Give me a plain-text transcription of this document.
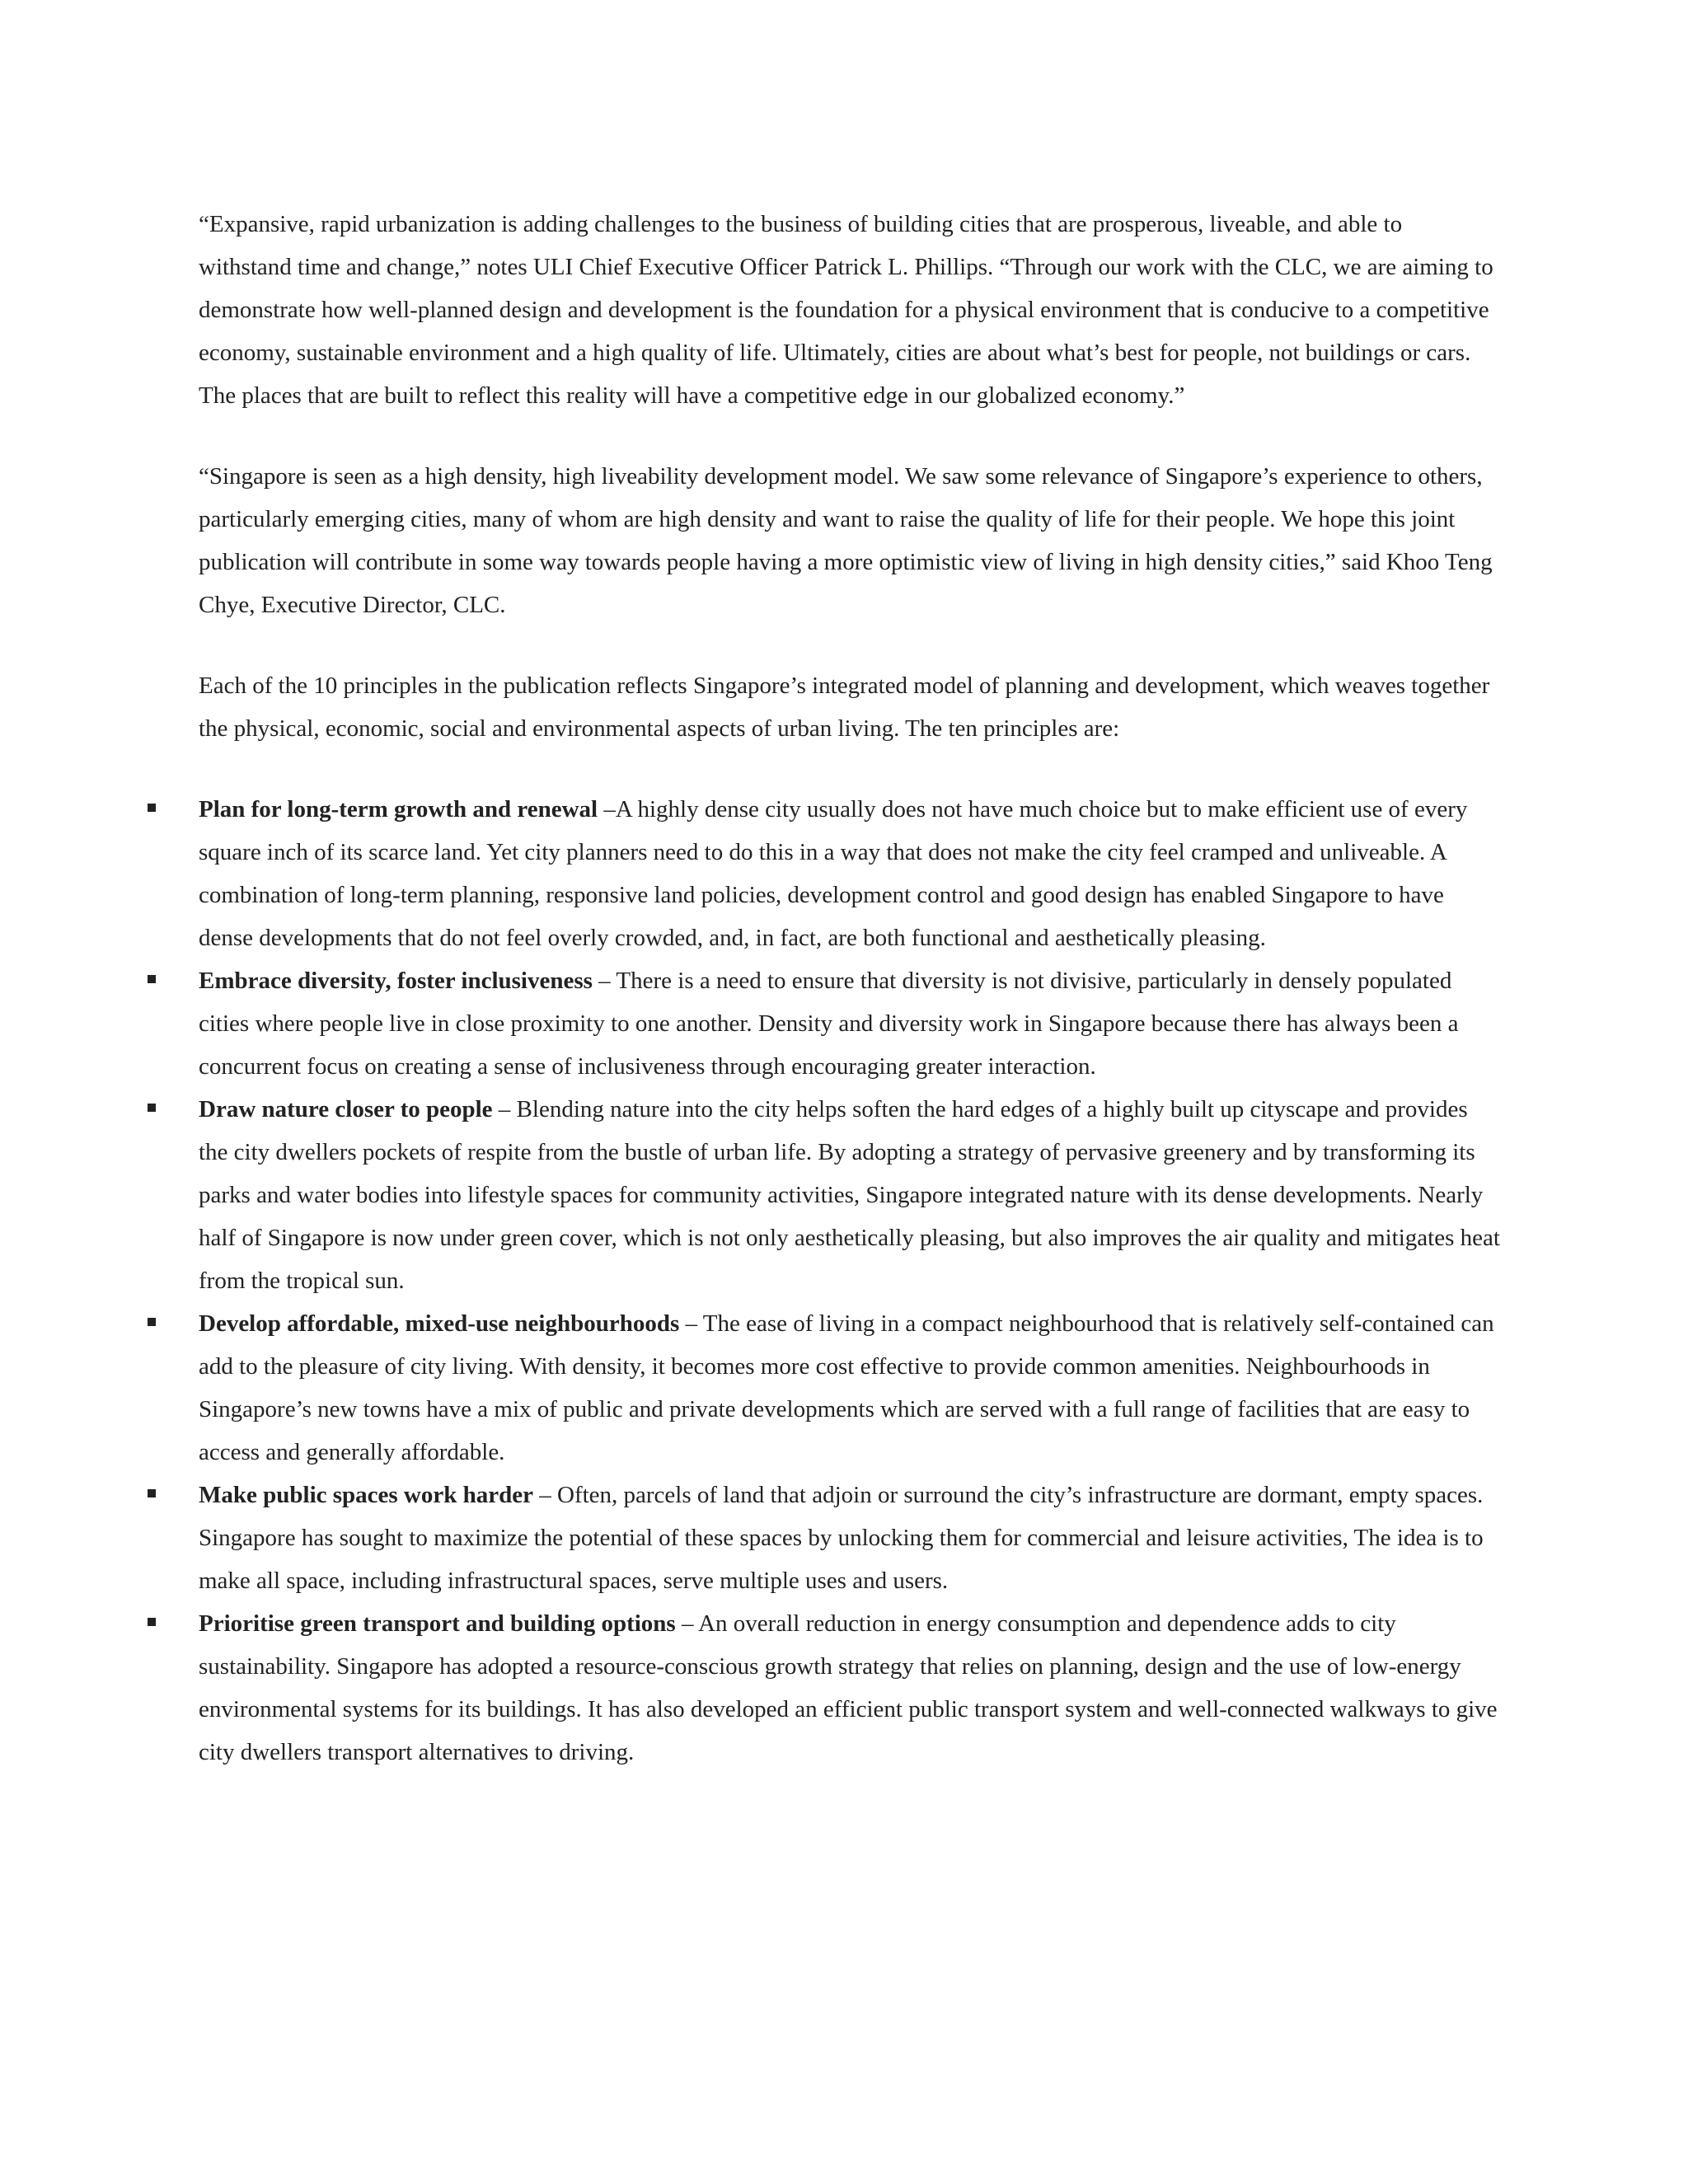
“Expansive, rapid urbanization is adding challenges to the business of building cities that are prosperous, liveable, and able to withstand time and change,” notes ULI Chief Executive Officer Patrick L. Phillips. “Through our work with the CLC, we are aiming to demonstrate how well-planned design and development is the foundation for a physical environment that is conducive to a competitive economy, sustainable environment and a high quality of life. Ultimately, cities are about what’s best for people, not buildings or cars. The places that are built to reflect this reality will have a competitive edge in our globalized economy.”

“Singapore is seen as a high density, high liveability development model. We saw some relevance of Singapore’s experience to others, particularly emerging cities, many of whom are high density and want to raise the quality of life for their people. We hope this joint publication will contribute in some way towards people having a more optimistic view of living in high density cities,” said Khoo Teng Chye, Executive Director, CLC.

Each of the 10 principles in the publication reflects Singapore’s integrated model of planning and development, which weaves together the physical, economic, social and environmental aspects of urban living. The ten principles are:

Plan for long-term growth and renewal –A highly dense city usually does not have much choice but to make efficient use of every square inch of its scarce land. Yet city planners need to do this in a way that does not make the city feel cramped and unliveable. A combination of long-term planning, responsive land policies, development control and good design has enabled Singapore to have dense developments that do not feel overly crowded, and, in fact, are both functional and aesthetically pleasing.
Embrace diversity, foster inclusiveness – There is a need to ensure that diversity is not divisive, particularly in densely populated cities where people live in close proximity to one another. Density and diversity work in Singapore because there has always been a concurrent focus on creating a sense of inclusiveness through encouraging greater interaction.
Draw nature closer to people – Blending nature into the city helps soften the hard edges of a highly built up cityscape and provides the city dwellers pockets of respite from the bustle of urban life. By adopting a strategy of pervasive greenery and by transforming its parks and water bodies into lifestyle spaces for community activities, Singapore integrated nature with its dense developments. Nearly half of Singapore is now under green cover, which is not only aesthetically pleasing, but also improves the air quality and mitigates heat from the tropical sun.
Develop affordable, mixed-use neighbourhoods – The ease of living in a compact neighbourhood that is relatively self-contained can add to the pleasure of city living. With density, it becomes more cost effective to provide common amenities. Neighbourhoods in Singapore’s new towns have a mix of public and private developments which are served with a full range of facilities that are easy to access and generally affordable.
Make public spaces work harder – Often, parcels of land that adjoin or surround the city’s infrastructure are dormant, empty spaces. Singapore has sought to maximize the potential of these spaces by unlocking them for commercial and leisure activities, The idea is to make all space, including infrastructural spaces, serve multiple uses and users.
Prioritise green transport and building options – An overall reduction in energy consumption and dependence adds to city sustainability. Singapore has adopted a resource-conscious growth strategy that relies on planning, design and the use of low-energy environmental systems for its buildings. It has also developed an efficient public transport system and well-connected walkways to give city dwellers transport alternatives to driving.
